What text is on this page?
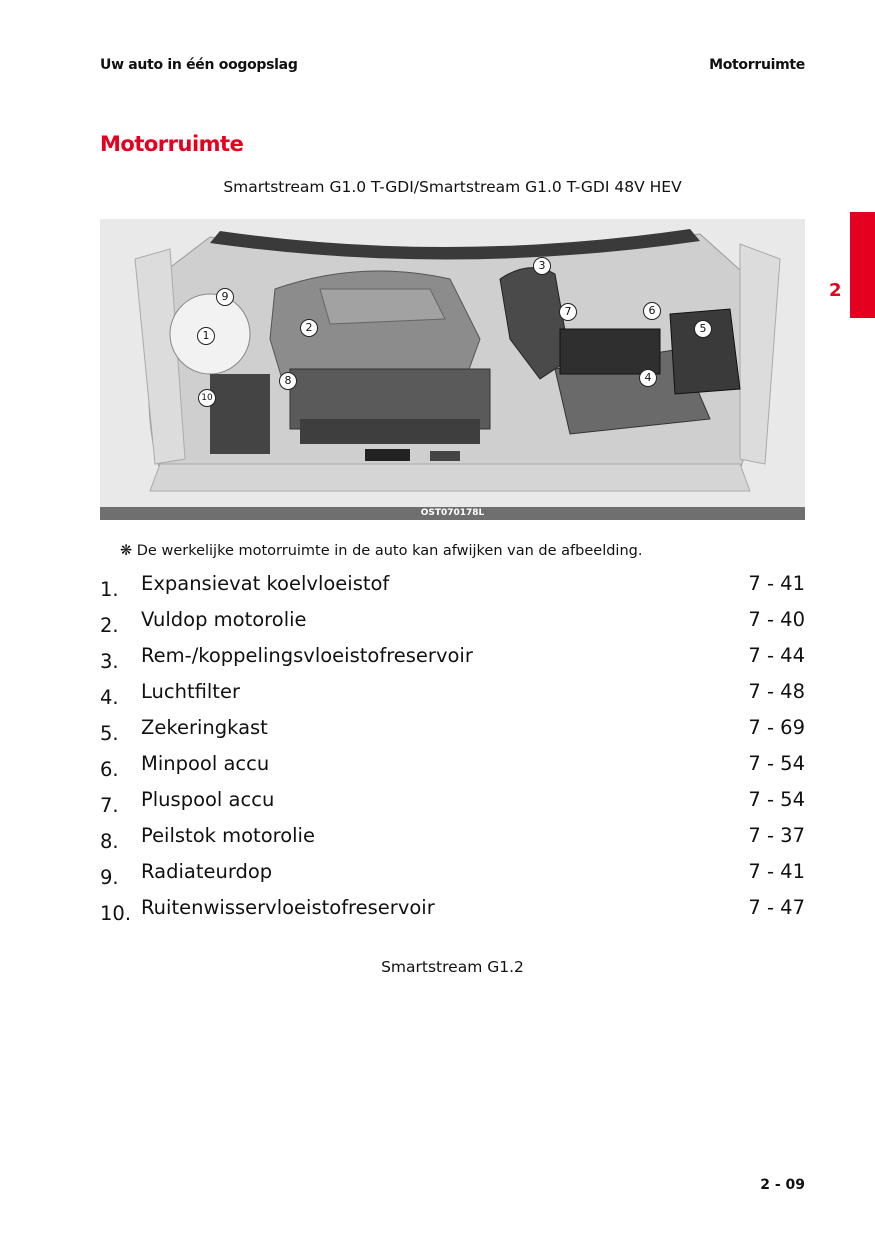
Uw auto in één oogopslag	Motorruimte
2
Motorruimte
Smartstream G1.0 T-GDI/Smartstream G1.0 T-GDI 48V HEV
OST070178L
1
2
3
4
5
6
7
8
9
10
❋ De werkelijke motorruimte in de auto kan afwijken van de afbeelding.
1. Expansievat koelvloeistof	7 - 41
2. Vuldop motorolie	7 - 40
3. Rem-/koppelingsvloeistofreservoir	7 - 44
4. Luchtfilter	7 - 48
5. Zekeringkast	7 - 69
6. Minpool accu	7 - 54
7. Pluspool accu	7 - 54
8. Peilstok motorolie	7 - 37
9. Radiateurdop	7 - 41
10. Ruitenwisservloeistofreservoir	7 - 47
Smartstream G1.2
2 - 09
